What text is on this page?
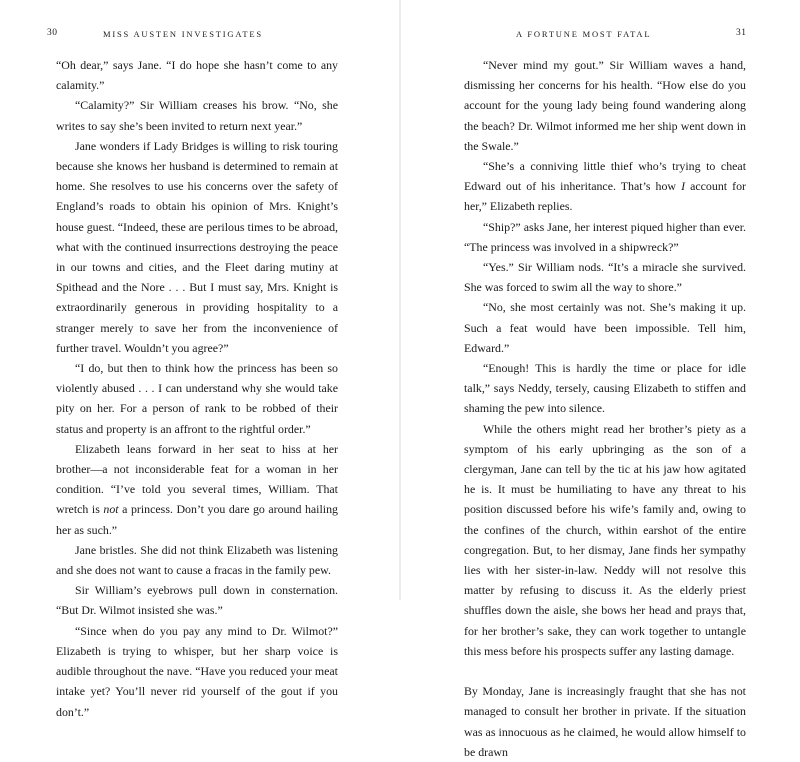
30	MISS AUSTEN INVESTIGATES

“Oh dear,” says Jane. “I do hope she hasn’t come to any calamity.”

“Calamity?” Sir William creases his brow. “No, she writes to say she’s been invited to return next year.”

Jane wonders if Lady Bridges is willing to risk touring because she knows her husband is determined to remain at home. She resolves to use his concerns over the safety of England’s roads to obtain his opinion of Mrs. Knight’s house guest. “Indeed, these are perilous times to be abroad, what with the continued insurrections destroying the peace in our towns and cities, and the Fleet daring mutiny at Spithead and the Nore . . . But I must say, Mrs. Knight is extraordinarily generous in providing hospitality to a stranger merely to save her from the inconvenience of further travel. Wouldn’t you agree?”

“I do, but then to think how the princess has been so violently abused . . . I can understand why she would take pity on her. For a person of rank to be robbed of their status and property is an affront to the rightful order.”

Elizabeth leans forward in her seat to hiss at her brother—a not inconsiderable feat for a woman in her condition. “I’ve told you several times, William. That wretch is not a princess. Don’t you dare go around hailing her as such.”

Jane bristles. She did not think Elizabeth was listening and she does not want to cause a fracas in the family pew.

Sir William’s eyebrows pull down in consternation. “But Dr. Wilmot insisted she was.”

“Since when do you pay any mind to Dr. Wilmot?” Elizabeth is trying to whisper, but her sharp voice is audible throughout the nave. “Have you reduced your meat intake yet? You’ll never rid yourself of the gout if you don’t.”

A FORTUNE MOST FATAL	31

“Never mind my gout.” Sir William waves a hand, dismissing her concerns for his health. “How else do you account for the young lady being found wandering along the beach? Dr. Wilmot informed me her ship went down in the Swale.”

“She’s a conniving little thief who’s trying to cheat Edward out of his inheritance. That’s how I account for her,” Elizabeth replies.

“Ship?” asks Jane, her interest piqued higher than ever. “The princess was involved in a shipwreck?”

“Yes.” Sir William nods. “It’s a miracle she survived. She was forced to swim all the way to shore.”

“No, she most certainly was not. She’s making it up. Such a feat would have been impossible. Tell him, Edward.”

“Enough! This is hardly the time or place for idle talk,” says Neddy, tersely, causing Elizabeth to stiffen and shaming the pew into silence.

While the others might read her brother’s piety as a symptom of his early upbringing as the son of a clergyman, Jane can tell by the tic at his jaw how agitated he is. It must be humiliating to have any threat to his position discussed before his wife’s family and, owing to the confines of the church, within earshot of the entire congregation. But, to her dismay, Jane finds her sympathy lies with her sister-in-law. Neddy will not resolve this matter by refusing to discuss it. As the elderly priest shuffles down the aisle, she bows her head and prays that, for her brother’s sake, they can work together to untangle this mess before his prospects suffer any lasting damage.

By Monday, Jane is increasingly fraught that she has not managed to consult her brother in private. If the situation was as innocuous as he claimed, he would allow himself to be drawn
